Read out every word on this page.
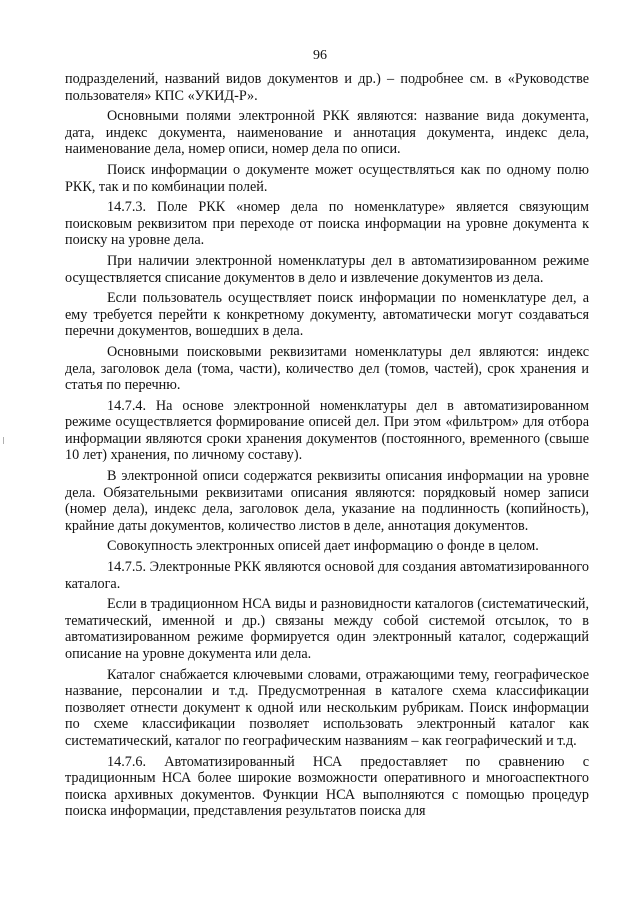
96

подразделений, названий видов документов и др.) – подробнее см. в «Руководстве пользователя» КПС «УКИД-Р».

Основными полями электронной РКК являются: название вида документа, дата, индекс документа, наименование и аннотация документа, индекс дела, наименование дела, номер описи, номер дела по описи.

Поиск информации о документе может осуществляться как по одному полю РКК, так и по комбинации полей.

14.7.3. Поле РКК «номер дела по номенклатуре» является связующим поисковым реквизитом при переходе от поиска информации на уровне документа к поиску на уровне дела.

При наличии электронной номенклатуры дел в автоматизированном режиме осуществляется списание документов в дело и извлечение документов из дела.

Если пользователь осуществляет поиск информации по номенклатуре дел, а ему требуется перейти к конкретному документу, автоматически могут создаваться перечни документов, вошедших в дела.

Основными поисковыми реквизитами номенклатуры дел являются: индекс дела, заголовок дела (тома, части), количество дел (томов, частей), срок хранения и статья по перечню.

14.7.4. На основе электронной номенклатуры дел в автоматизированном режиме осуществляется формирование описей дел. При этом «фильтром» для отбора информации являются сроки хранения документов (постоянного, временного (свыше 10 лет) хранения, по личному составу).

В электронной описи содержатся реквизиты описания информации на уровне дела. Обязательными реквизитами описания являются: порядковый номер записи (номер дела), индекс дела, заголовок дела, указание на подлинность (копийность), крайние даты документов, количество листов в деле, аннотация документов.

Совокупность электронных описей дает информацию о фонде в целом.

14.7.5. Электронные РКК являются основой для создания автоматизированного каталога.

Если в традиционном НСА виды и разновидности каталогов (систематический, тематический, именной и др.) связаны между собой системой отсылок, то в автоматизированном режиме формируется один электронный каталог, содержащий описание на уровне документа или дела.

Каталог снабжается ключевыми словами, отражающими тему, географическое название, персоналии и т.д. Предусмотренная в каталоге схема классификации позволяет отнести документ к одной или нескольким рубрикам. Поиск информации по схеме классификации позволяет использовать электронный каталог как систематический, каталог по географическим названиям – как географический и т.д.

14.7.6. Автоматизированный НСА предоставляет по сравнению с традиционным НСА более широкие возможности оперативного и многоаспектного поиска архивных документов. Функции НСА выполняются с помощью процедур поиска информации, представления результатов поиска для
